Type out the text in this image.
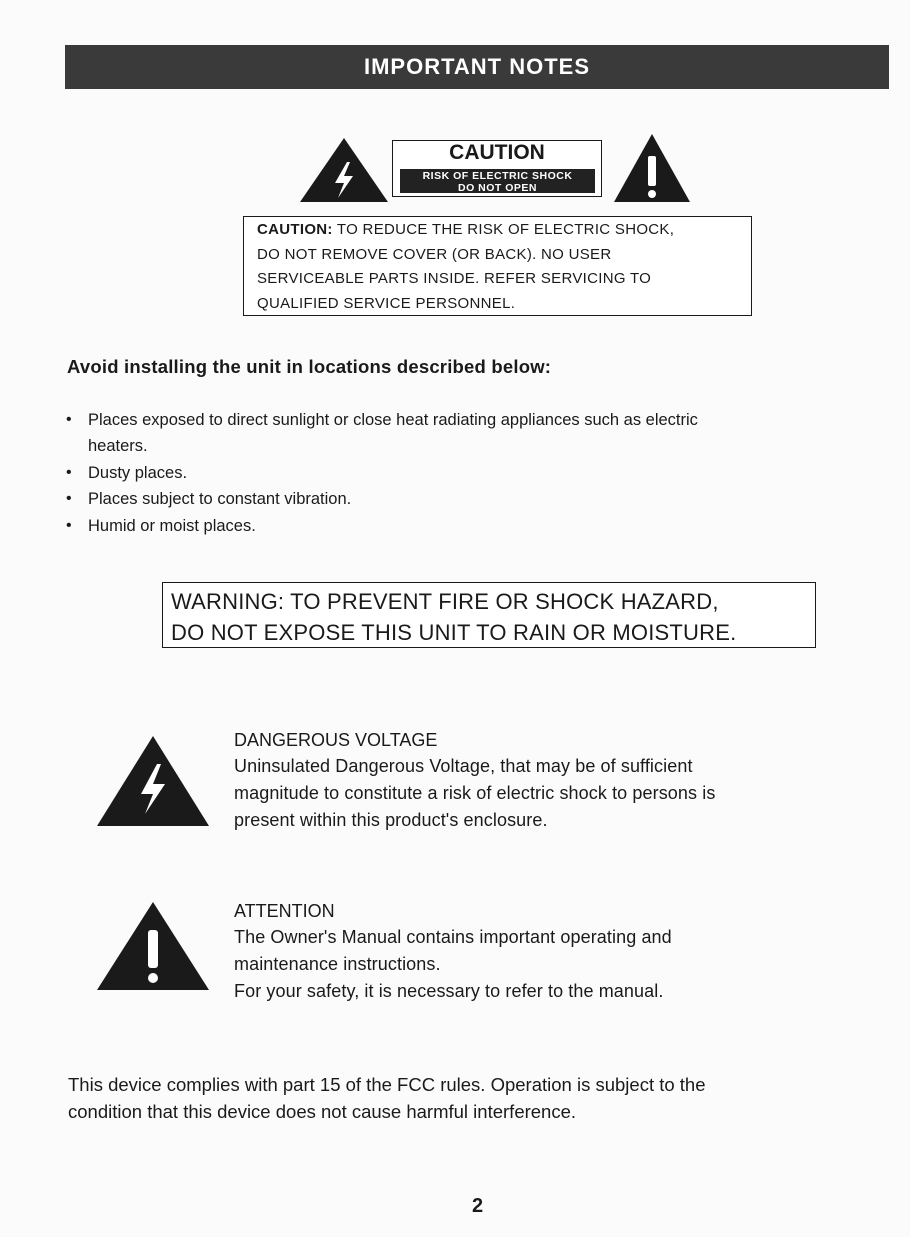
IMPORTANT NOTES
CAUTION
RISK OF ELECTRIC SHOCK
DO NOT OPEN
CAUTION: TO REDUCE THE RISK OF ELECTRIC SHOCK,
DO NOT REMOVE COVER (OR BACK). NO USER
SERVICEABLE PARTS INSIDE. REFER SERVICING TO
QUALIFIED SERVICE PERSONNEL.
Avoid installing the unit in locations described below:
• Places exposed to direct sunlight or close heat radiating appliances such as electric
heaters.
• Dusty places.
• Places subject to constant vibration.
• Humid or moist places.
WARNING: TO PREVENT FIRE OR SHOCK HAZARD,
DO NOT EXPOSE THIS UNIT TO RAIN OR MOISTURE.
DANGEROUS VOLTAGE
Uninsulated Dangerous Voltage, that may be of sufficient
magnitude to constitute a risk of electric shock to persons is
present within this product's enclosure.
ATTENTION
The Owner's Manual contains important operating and
maintenance instructions.
For your safety, it is necessary to refer to the manual.
This device complies with part 15 of the FCC rules. Operation is subject to the
condition that this device does not cause harmful interference.
2
